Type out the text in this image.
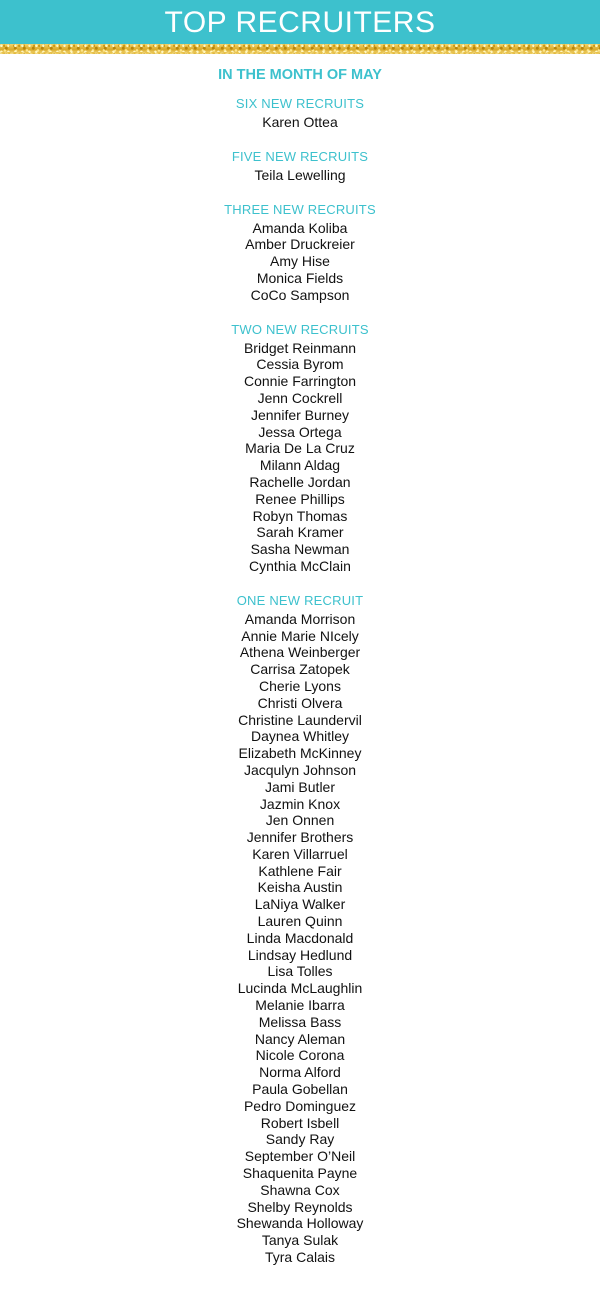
TOP RECRUITERS
IN THE MONTH OF MAY
SIX NEW RECRUITS
Karen Ottea
FIVE NEW RECRUITS
Teila Lewelling
THREE NEW RECRUITS
Amanda Koliba
Amber Druckreier
Amy Hise
Monica Fields
CoCo Sampson
TWO NEW RECRUITS
Bridget Reinmann
Cessia Byrom
Connie Farrington
Jenn Cockrell
Jennifer Burney
Jessa Ortega
Maria De La Cruz
Milann Aldag
Rachelle Jordan
Renee Phillips
Robyn Thomas
Sarah Kramer
Sasha Newman
Cynthia McClain
ONE NEW RECRUIT
Amanda Morrison
Annie Marie NIcely
Athena Weinberger
Carrisa Zatopek
Cherie Lyons
Christi Olvera
Christine Laundervil
Daynea Whitley
Elizabeth McKinney
Jacqulyn Johnson
Jami Butler
Jazmin Knox
Jen Onnen
Jennifer Brothers
Karen Villarruel
Kathlene Fair
Keisha Austin
LaNiya Walker
Lauren Quinn
Linda Macdonald
Lindsay Hedlund
Lisa Tolles
Lucinda McLaughlin
Melanie Ibarra
Melissa Bass
Nancy Aleman
Nicole Corona
Norma Alford
Paula Gobellan
Pedro Dominguez
Robert Isbell
Sandy Ray
September O’Neil
Shaquenita Payne
Shawna Cox
Shelby Reynolds
Shewanda Holloway
Tanya Sulak
Tyra Calais
